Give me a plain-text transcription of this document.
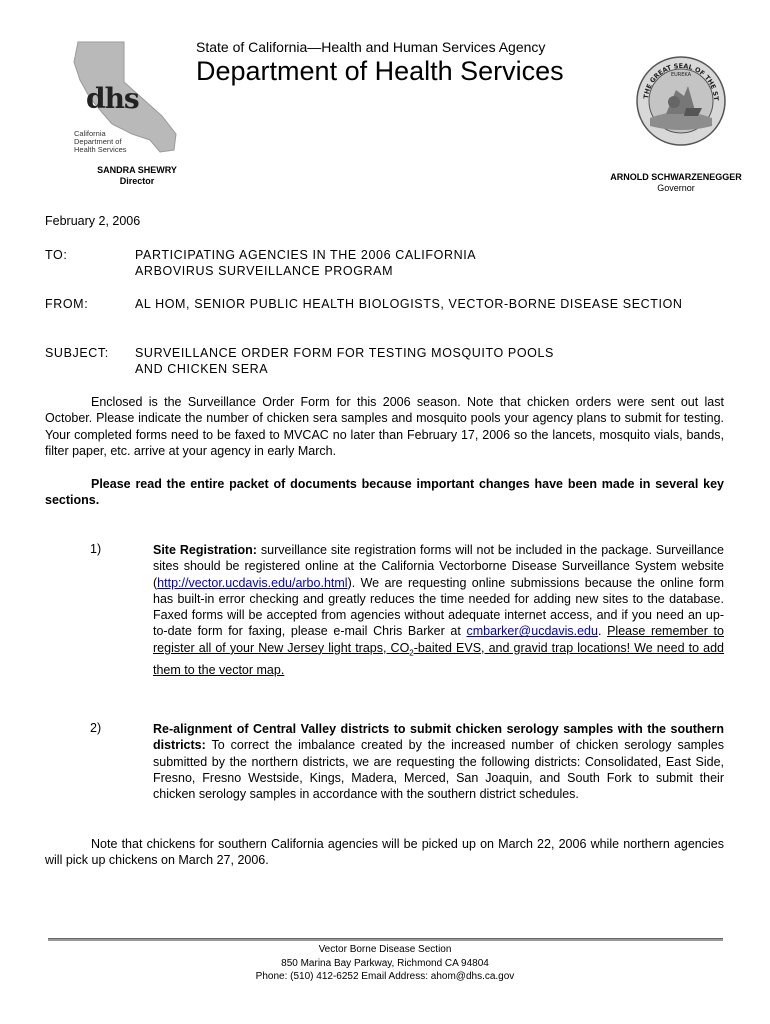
dhs
California
Department of
Health Services
State of California—Health and Human Services Agency
Department of Health Services
SANDRA SHEWRY
Director
THE GREAT SEAL OF THE ST
EUREKA
ARNOLD SCHWARZENEGGER
Governor
February 2, 2006
TO:	PARTICIPATING AGENCIES IN THE 2006 CALIFORNIA ARBOVIRUS SURVEILLANCE PROGRAM
FROM:	AL HOM, SENIOR PUBLIC HEALTH BIOLOGISTS, VECTOR-BORNE DISEASE SECTION
SUBJECT: SURVEILLANCE ORDER FORM FOR TESTING MOSQUITO POOLS AND CHICKEN SERA
Enclosed is the Surveillance Order Form for this 2006 season. Note that chicken orders were sent out last October. Please indicate the number of chicken sera samples and mosquito pools your agency plans to submit for testing. Your completed forms need to be faxed to MVCAC no later than February 17, 2006 so the lancets, mosquito vials, bands, filter paper, etc. arrive at your agency in early March.
Please read the entire packet of documents because important changes have been made in several key sections.
1)	Site Registration: surveillance site registration forms will not be included in the package. Surveillance sites should be registered online at the California Vectorborne Disease Surveillance System website (http://vector.ucdavis.edu/arbo.html). We are requesting online submissions because the online form has built-in error checking and greatly reduces the time needed for adding new sites to the database. Faxed forms will be accepted from agencies without adequate internet access, and if you need an up-to-date form for faxing, please e-mail Chris Barker at cmbarker@ucdavis.edu. Please remember to register all of your New Jersey light traps, $CO_2$-baited EVS, and gravid trap locations! We need to add them to the vector map.
2)	Re-alignment of Central Valley districts to submit chicken serology samples with the southern districts: To correct the imbalance created by the increased number of chicken serology samples submitted by the northern districts, we are requesting the following districts: Consolidated, East Side, Fresno, Fresno Westside, Kings, Madera, Merced, San Joaquin, and South Fork to submit their chicken serology samples in accordance with the southern district schedules.
Note that chickens for southern California agencies will be picked up on March 22, 2006 while northern agencies will pick up chickens on March 27, 2006.
Vector Borne Disease Section
850 Marina Bay Parkway, Richmond CA 94804
Phone: (510) 412-6252 Email Address: ahom@dhs.ca.gov
